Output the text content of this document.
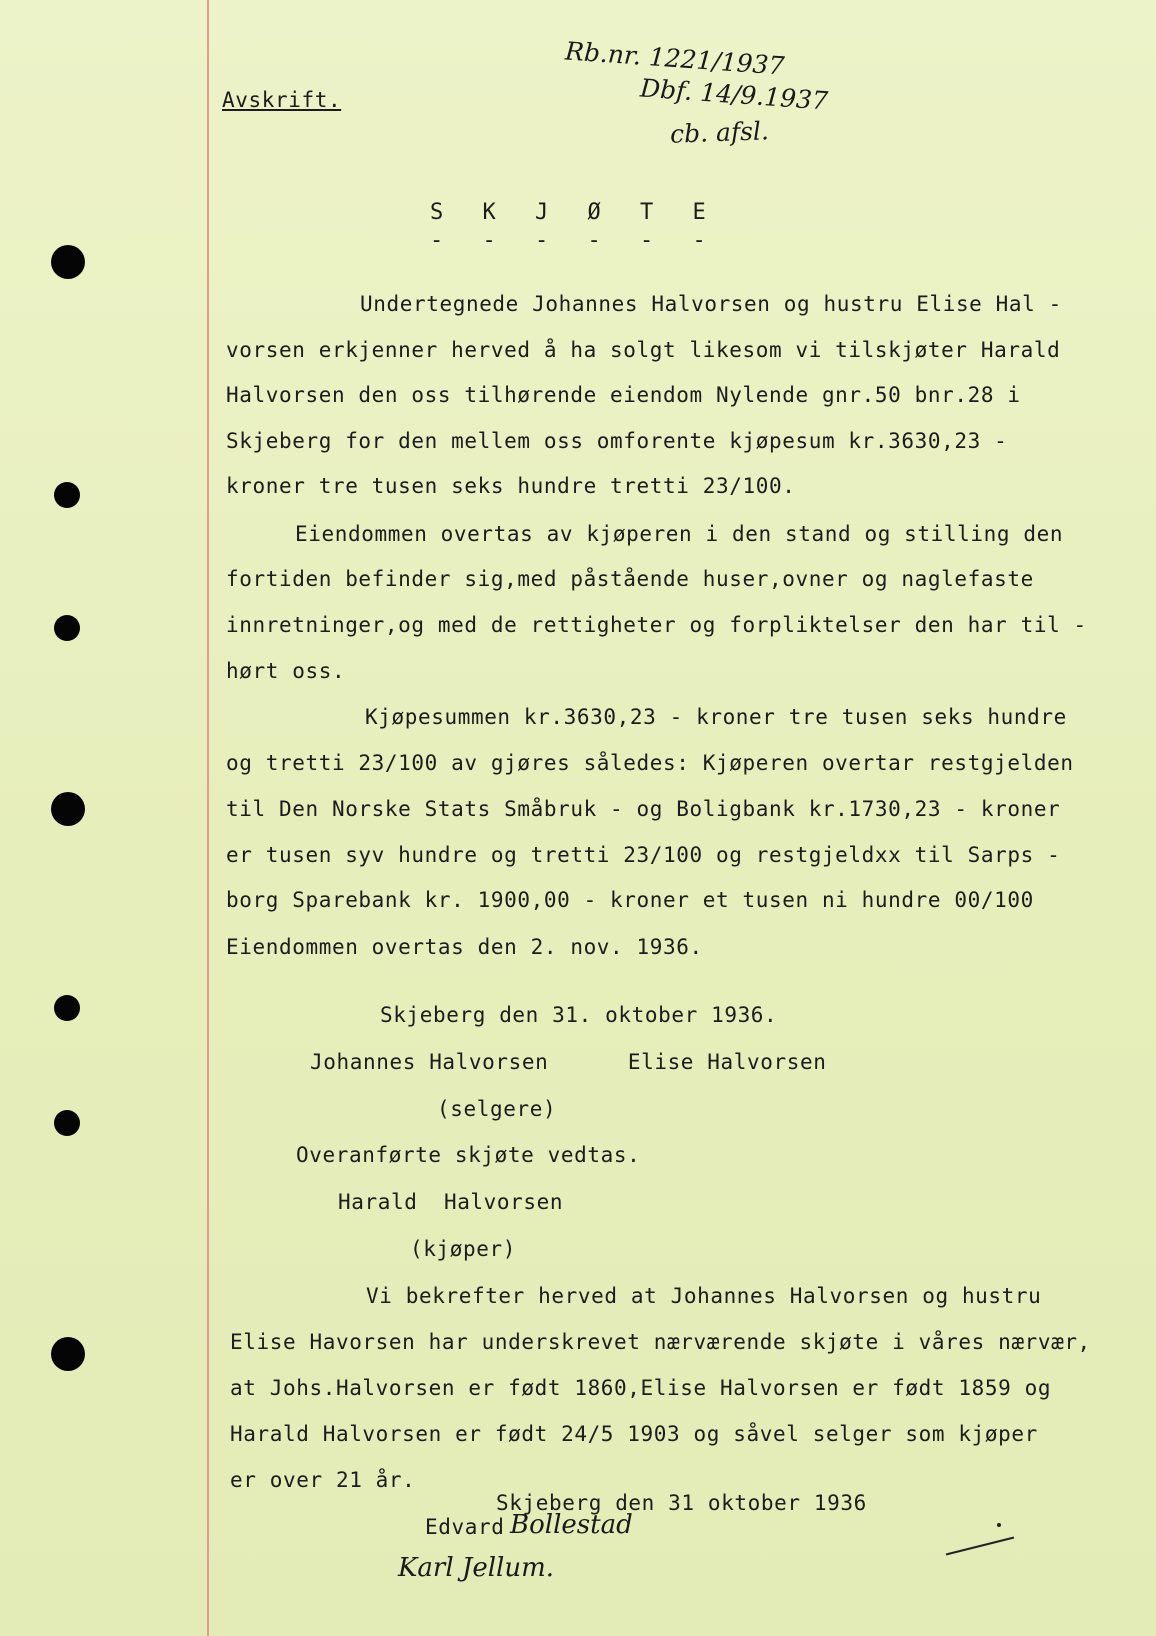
Avskrift.
Rb.nr. 1221/1937
Dbf. 14/9.1937
cb. afsl.
S K J Ø T E
- - - - - -
Undertegnede Johannes Halvorsen og hustru Elise Hal -
vorsen erkjenner herved å ha solgt likesom vi tilskjøter Harald
Halvorsen den oss tilhørende eiendom Nylende gnr.50 bnr.28 i
Skjeberg for den mellem oss omforente kjøpesum kr.3630,23 -
kroner tre tusen seks hundre tretti 23/100.
Eiendommen overtas av kjøperen i den stand og stilling den
fortiden befinder sig,med påstående huser,ovner og naglefaste
innretninger,og med de rettigheter og forpliktelser den har til -
hørt oss.
Kjøpesummen kr.3630,23 - kroner tre tusen seks hundre
og tretti 23/100 av gjøres således: Kjøperen overtar restgjelden
til Den Norske Stats Småbruk - og Boligbank kr.1730,23 - kroner
er tusen syv hundre og tretti 23/100 og restgjeldxx til Sarps -
borg Sparebank kr. 1900,00 - kroner et tusen ni hundre 00/100
Eiendommen overtas den 2. nov. 1936.
Skjeberg den 31. oktober 1936.
Johannes Halvorsen      Elise Halvorsen
(selgere)
Overanførte skjøte vedtas.
Harald  Halvorsen
(kjøper)
Vi bekrefter herved at Johannes Halvorsen og hustru
Elise Havorsen har underskrevet nærværende skjøte i våres nærvær,
at Johs.Halvorsen er født 1860,Elise Halvorsen er født 1859 og
Harald Halvorsen er født 24/5 1903 og såvel selger som kjøper
er over 21 år.
Skjeberg den 31 oktober 1936
Edvard Bollestad
Karl Jellum.
